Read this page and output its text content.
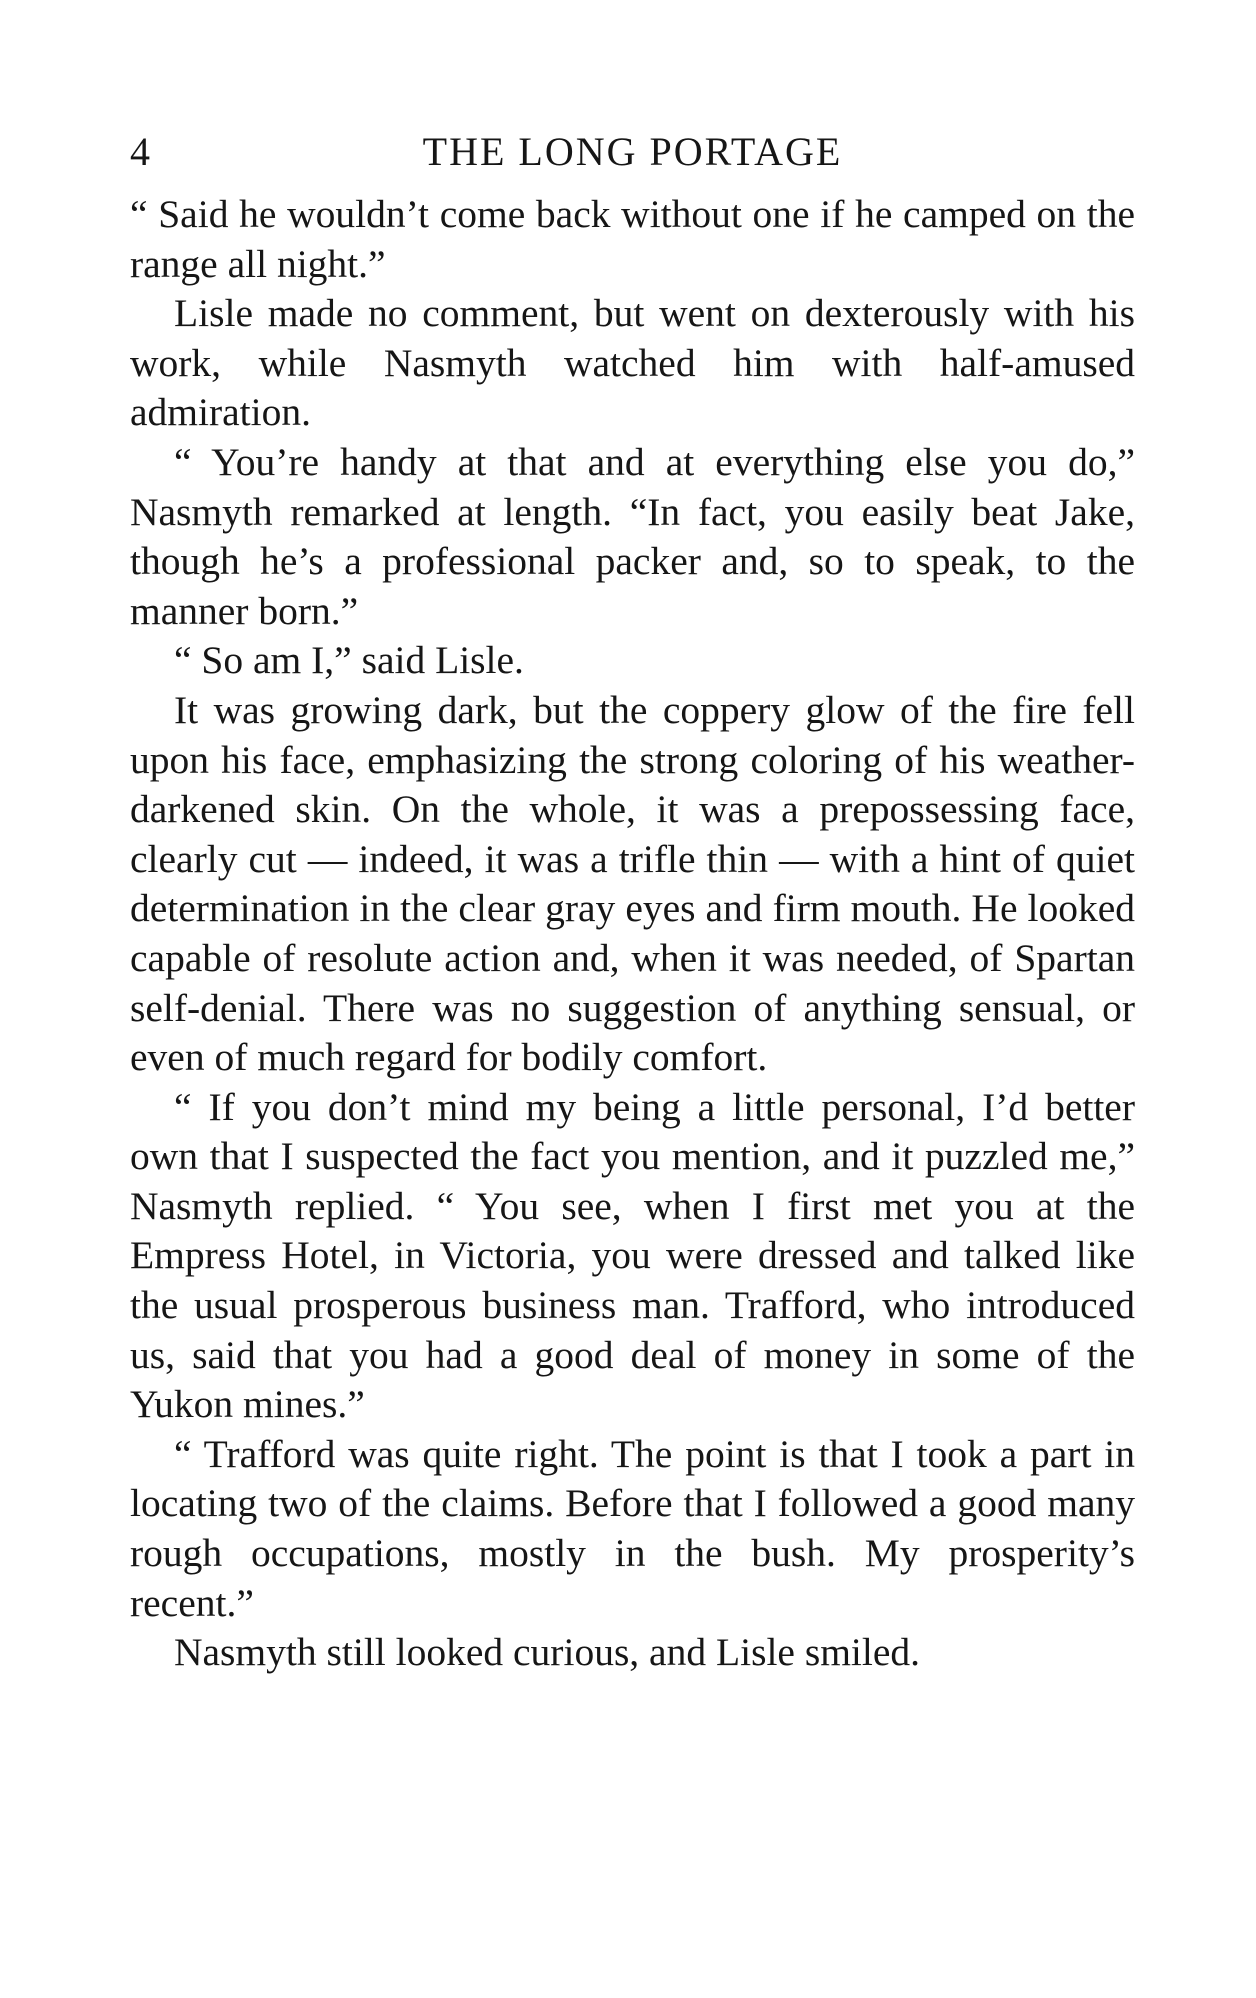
4	THE LONG PORTAGE

“ Said he wouldn’t come back without one if he camped on the range all night.”

Lisle made no comment, but went on dexterously with his work, while Nasmyth watched him with half-amused admiration.

“ You’re handy at that and at everything else you do,” Nasmyth remarked at length. “In fact, you easily beat Jake, though he’s a professional packer and, so to speak, to the manner born.”

“ So am I,” said Lisle.

It was growing dark, but the coppery glow of the fire fell upon his face, emphasizing the strong coloring of his weather-darkened skin. On the whole, it was a prepossessing face, clearly cut — indeed, it was a trifle thin — with a hint of quiet determination in the clear gray eyes and firm mouth. He looked capable of resolute action and, when it was needed, of Spartan self-denial. There was no suggestion of anything sensual, or even of much regard for bodily comfort.

“ If you don’t mind my being a little personal, I’d better own that I suspected the fact you mention, and it puzzled me,” Nasmyth replied. “ You see, when I first met you at the Empress Hotel, in Victoria, you were dressed and talked like the usual prosperous business man. Trafford, who introduced us, said that you had a good deal of money in some of the Yukon mines.”

“ Trafford was quite right. The point is that I took a part in locating two of the claims. Before that I followed a good many rough occupations, mostly in the bush. My prosperity’s recent.”

Nasmyth still looked curious, and Lisle smiled.
